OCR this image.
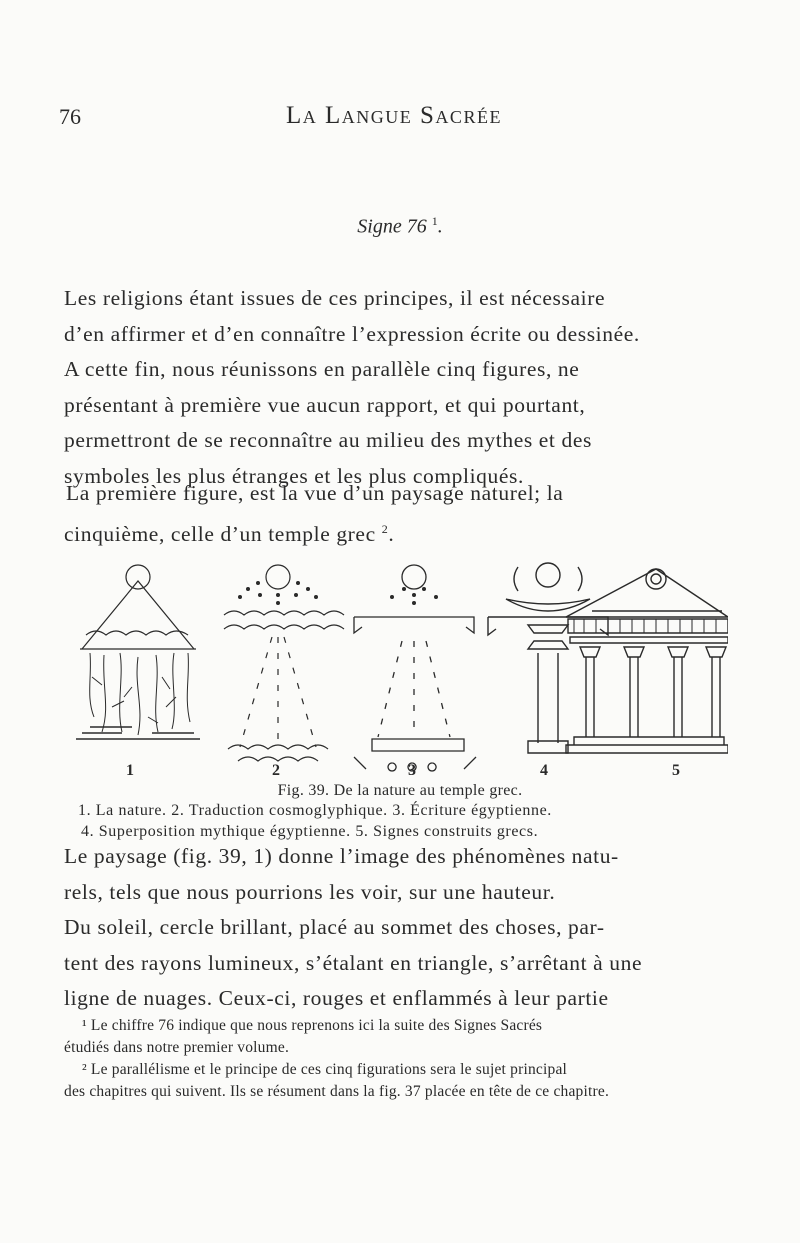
76	La Langue Sacrée
Signe 76 $^1$.

Les religions étant issues de ces principes, il est nécessaire
d’en affirmer et d’en connaître l’expression écrite ou dessinée.
A cette fin, nous réunissons en parallèle cinq figures, ne
présentant à première vue aucun rapport, et qui pourtant,
permettront de se reconnaître au milieu des mythes et des
symboles les plus étranges et les plus compliqués.

La première figure, est la vue d’un paysage naturel; la
cinquième, celle d’un temple grec $^2$.

1	2	3	4	5
Fig. 39. De la nature au temple grec.
1. La nature. 2. Traduction cosmoglyphique. 3. Écriture égyptienne.
4. Superposition mythique égyptienne. 5. Signes construits grecs.

Le paysage (fig. 39, 1) donne l’image des phénomènes natu-
rels, tels que nous pourrions les voir, sur une hauteur.
Du soleil, cercle brillant, placé au sommet des choses, par-
tent des rayons lumineux, s’étalant en triangle, s’arrêtant à une
ligne de nuages. Ceux-ci, rouges et enflammés à leur partie

¹ Le chiffre 76 indique que nous reprenons ici la suite des Signes Sacrés
étudiés dans notre premier volume.
² Le parallélisme et le principe de ces cinq figurations sera le sujet principal
des chapitres qui suivent. Ils se résument dans la fig. 37 placée en tête de ce chapitre.
